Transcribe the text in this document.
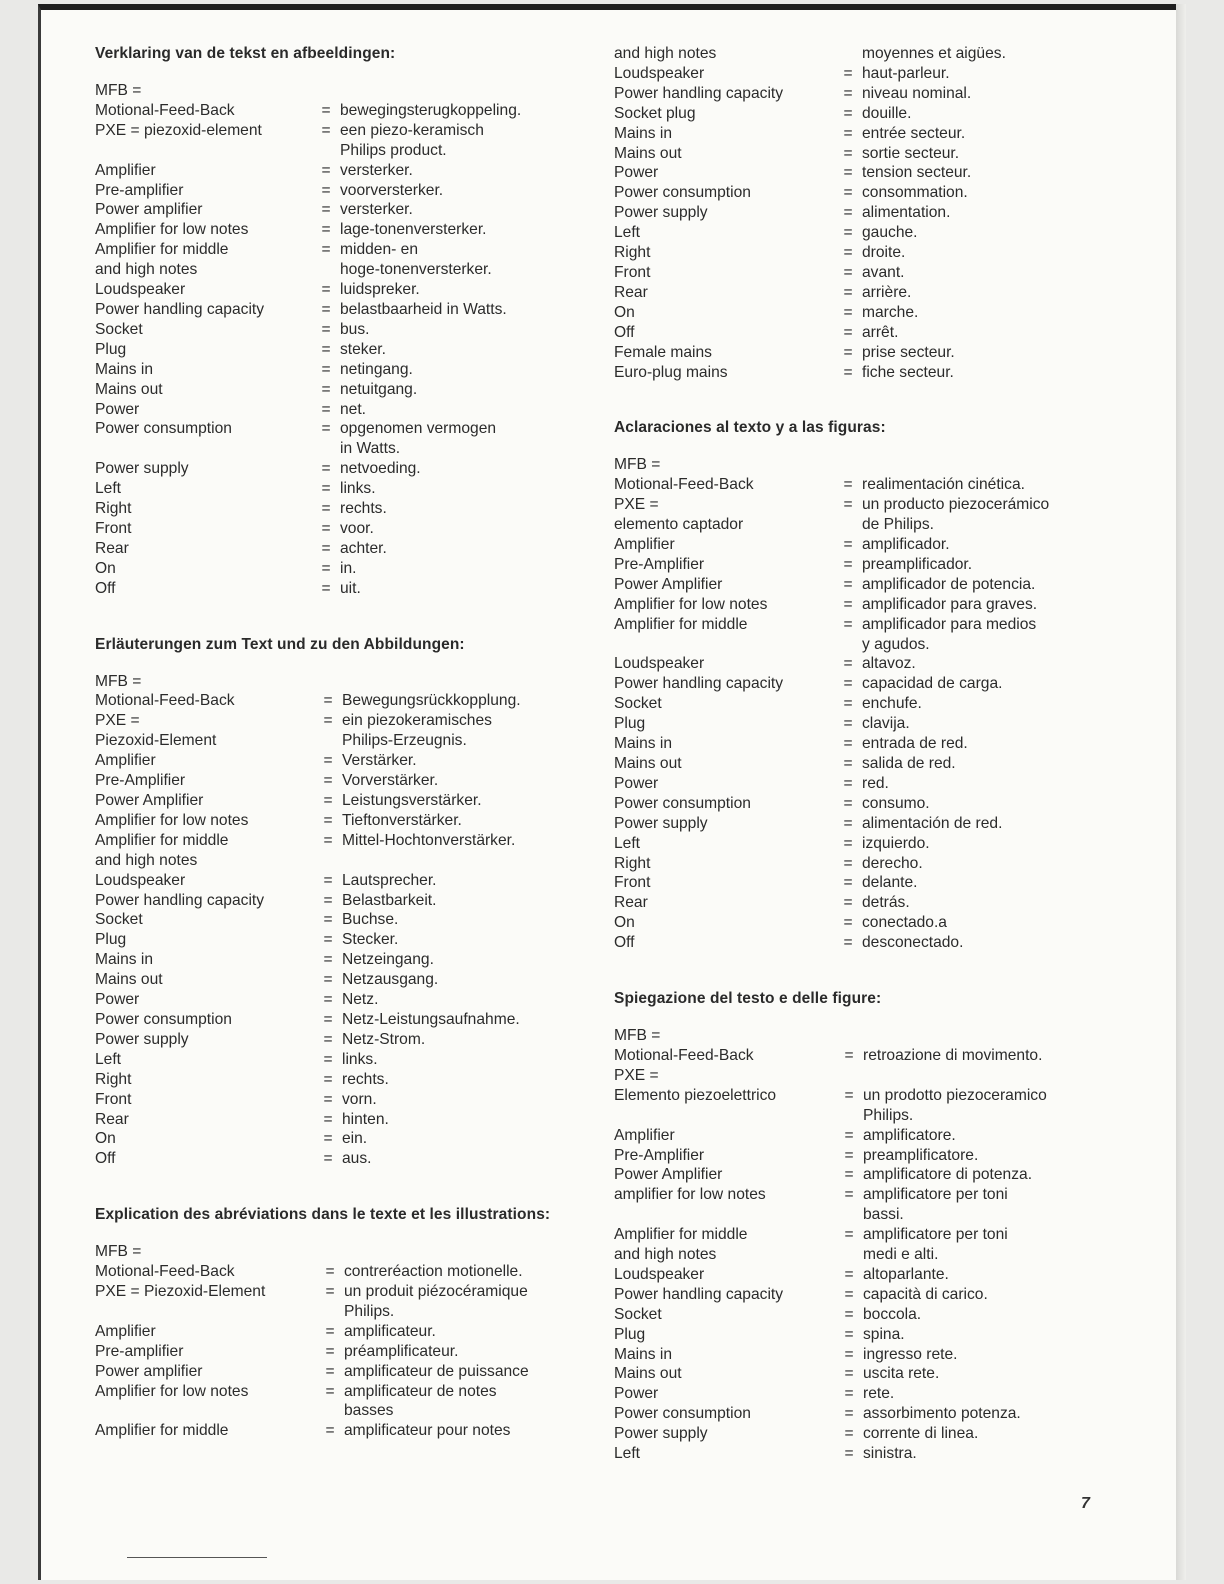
Verklaring van de tekst en afbeeldingen:
MFB =
Motional-Feed-Back	= bewegingsterugkoppeling.
PXE = piezoxid-element	= een piezo-keramisch
Philips product.
Amplifier	= versterker.
Pre-amplifier	= voorversterker.
Power amplifier	= versterker.
Amplifier for low notes	= lage-tonenversterker.
Amplifier for middle	= midden- en
and high notes	hoge-tonenversterker.
Loudspeaker	= luidspreker.
Power handling capacity	= belastbaarheid in Watts.
Socket	= bus.
Plug	= steker.
Mains in	= netingang.
Mains out	= netuitgang.
Power	= net.
Power consumption	= opgenomen vermogen
in Watts.
Power supply	= netvoeding.
Left	= links.
Right	= rechts.
Front	= voor.
Rear	= achter.
On	= in.
Off	= uit.
Erläuterungen zum Text und zu den Abbildungen:
MFB =
Motional-Feed-Back	= Bewegungsrückkopplung.
PXE =	= ein piezokeramisches
Piezoxid-Element	Philips-Erzeugnis.
Amplifier	= Verstärker.
Pre-Amplifier	= Vorverstärker.
Power Amplifier	= Leistungsverstärker.
Amplifier for low notes	= Tieftonverstärker.
Amplifier for middle	= Mittel-Hochtonverstärker.
and high notes
Loudspeaker	= Lautsprecher.
Power handling capacity	= Belastbarkeit.
Socket	= Buchse.
Plug	= Stecker.
Mains in	= Netzeingang.
Mains out	= Netzausgang.
Power	= Netz.
Power consumption	= Netz-Leistungsaufnahme.
Power supply	= Netz-Strom.
Left	= links.
Right	= rechts.
Front	= vorn.
Rear	= hinten.
On	= ein.
Off	= aus.
Explication des abréviations dans le texte et les illustrations:
MFB =
Motional-Feed-Back	= contreréaction motionelle.
PXE = Piezoxid-Element	= un produit piézocéramique
Philips.
Amplifier	= amplificateur.
Pre-amplifier	= préamplificateur.
Power amplifier	= amplificateur de puissance
Amplifier for low notes	= amplificateur de notes
basses
Amplifier for middle	= amplificateur pour notes
and high notes	moyennes et aigües.
Loudspeaker	= haut-parleur.
Power handling capacity	= niveau nominal.
Socket plug	= douille.
Mains in	= entrée secteur.
Mains out	= sortie secteur.
Power	= tension secteur.
Power consumption	= consommation.
Power supply	= alimentation.
Left	= gauche.
Right	= droite.
Front	= avant.
Rear	= arrière.
On	= marche.
Off	= arrêt.
Female mains	= prise secteur.
Euro-plug mains	= fiche secteur.
Aclaraciones al texto y a las figuras:
MFB =
Motional-Feed-Back	= realimentación cinética.
PXE =	= un producto piezocerámico
elemento captador	de Philips.
Amplifier	= amplificador.
Pre-Amplifier	= preamplificador.
Power Amplifier	= amplificador de potencia.
Amplifier for low notes	= amplificador para graves.
Amplifier for middle	= amplificador para medios
y agudos.
Loudspeaker	= altavoz.
Power handling capacity	= capacidad de carga.
Socket	= enchufe.
Plug	= clavija.
Mains in	= entrada de red.
Mains out	= salida de red.
Power	= red.
Power consumption	= consumo.
Power supply	= alimentación de red.
Left	= izquierdo.
Right	= derecho.
Front	= delante.
Rear	= detrás.
On	= conectado.a
Off	= desconectado.
Spiegazione del testo e delle figure:
MFB =
Motional-Feed-Back	= retroazione di movimento.
PXE =
Elemento piezoelettrico	= un prodotto piezoceramico
Philips.
Amplifier	= amplificatore.
Pre-Amplifier	= preamplificatore.
Power Amplifier	= amplificatore di potenza.
amplifier for low notes	= amplificatore per toni
bassi.
Amplifier for middle	= amplificatore per toni
and high notes	medi e alti.
Loudspeaker	= altoparlante.
Power handling capacity	= capacità di carico.
Socket	= boccola.
Plug	= spina.
Mains in	= ingresso rete.
Mains out	= uscita rete.
Power	= rete.
Power consumption	= assorbimento potenza.
Power supply	= corrente di linea.
Left	= sinistra.
7
